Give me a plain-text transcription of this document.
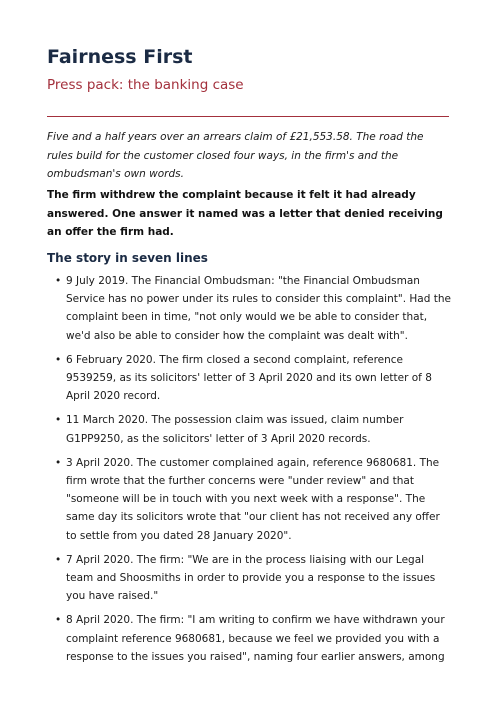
Fairness First
Press pack: the banking case

Five and a half years over an arrears claim of £21,553.58. The road the rules build for the customer closed four ways, in the firm's and the ombudsman's own words.

The firm withdrew the complaint because it felt it had already answered. One answer it named was a letter that denied receiving an offer the firm had.

The story in seven lines
• 9 July 2019. The Financial Ombudsman: "the Financial Ombudsman Service has no power under its rules to consider this complaint". Had the complaint been in time, "not only would we be able to consider that, we'd also be able to consider how the complaint was dealt with".
• 6 February 2020. The firm closed a second complaint, reference 9539259, as its solicitors' letter of 3 April 2020 and its own letter of 8 April 2020 record.
• 11 March 2020. The possession claim was issued, claim number G1PP9250, as the solicitors' letter of 3 April 2020 records.
• 3 April 2020. The customer complained again, reference 9680681. The firm wrote that the further concerns were "under review" and that "someone will be in touch with you next week with a response". The same day its solicitors wrote that "our client has not received any offer to settle from you dated 28 January 2020".
• 7 April 2020. The firm: "We are in the process liaising with our Legal team and Shoosmiths in order to provide you a response to the issues you have raised."
• 8 April 2020. The firm: "I am writing to confirm we have withdrawn your complaint reference 9680681, because we feel we provided you with a response to the issues you raised", naming four earlier answers, among
